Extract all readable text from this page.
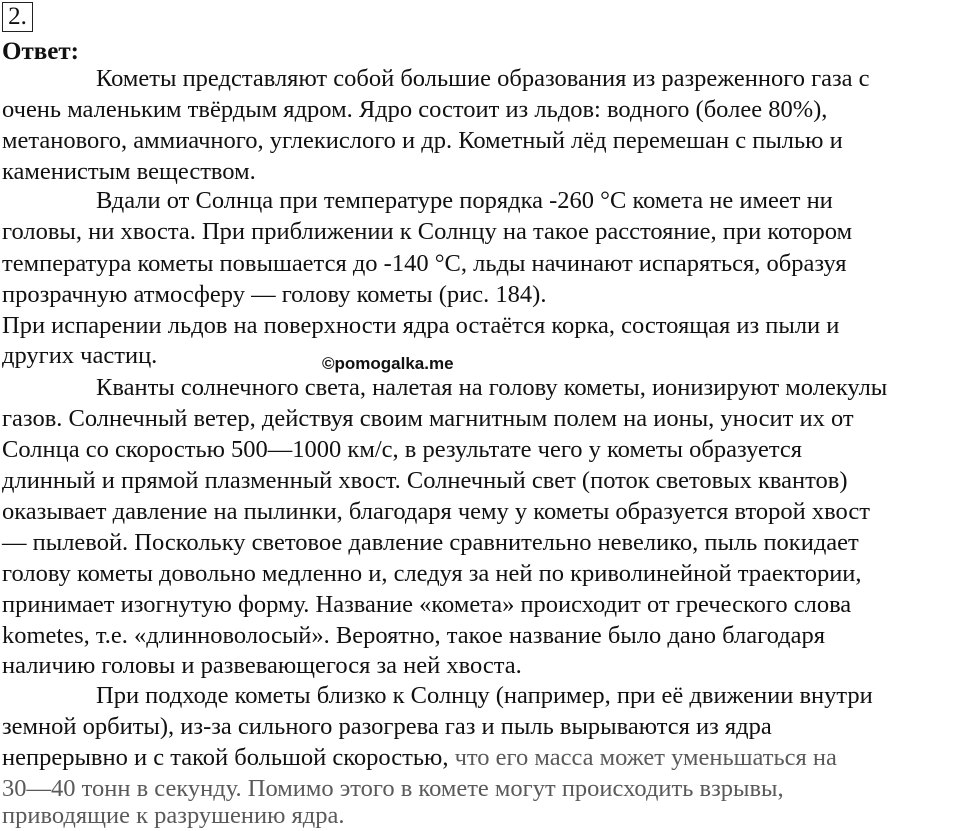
2.
Ответ:
Кометы представляют собой большие образования из разреженного газа с
очень маленьким твёрдым ядром. Ядро состоит из льдов: водного (более 80%),
метанового, аммиачного, углекислого и др. Кометный лёд перемешан с пылью и
каменистым веществом.
Вдали от Солнца при температуре порядка -260 °С комета не имеет ни
головы, ни хвоста. При приближении к Солнцу на такое расстояние, при котором
температура кометы повышается до -140 °С, льды начинают испаряться, образуя
прозрачную атмосферу — голову кометы (рис. 184).
При испарении льдов на поверхности ядра остаётся корка, состоящая из пыли и
других частиц.	©pomogalka.me
Кванты солнечного света, налетая на голову кометы, ионизируют молекулы
газов. Солнечный ветер, действуя своим магнитным полем на ионы, уносит их от
Солнца со скоростью 500—1000 км/с, в результате чего у кометы образуется
длинный и прямой плазменный хвост. Солнечный свет (поток световых квантов)
оказывает давление на пылинки, благодаря чему у кометы образуется второй хвост
— пылевой. Поскольку световое давление сравнительно невелико, пыль покидает
голову кометы довольно медленно и, следуя за ней по криволинейной траектории,
принимает изогнутую форму. Название «комета» происходит от греческого слова
kometes, т.е. «длинноволосый». Вероятно, такое название было дано благодаря
наличию головы и развевающегося за ней хвоста.
При подходе кометы близко к Солнцу (например, при её движении внутри
земной орбиты), из-за сильного разогрева газ и пыль вырываются из ядра
непрерывно и с такой большой скоростью, что его масса может уменьшаться на
30—40 тонн в секунду. Помимо этого в комете могут происходить взрывы,
приводящие к разрушению ядра.
